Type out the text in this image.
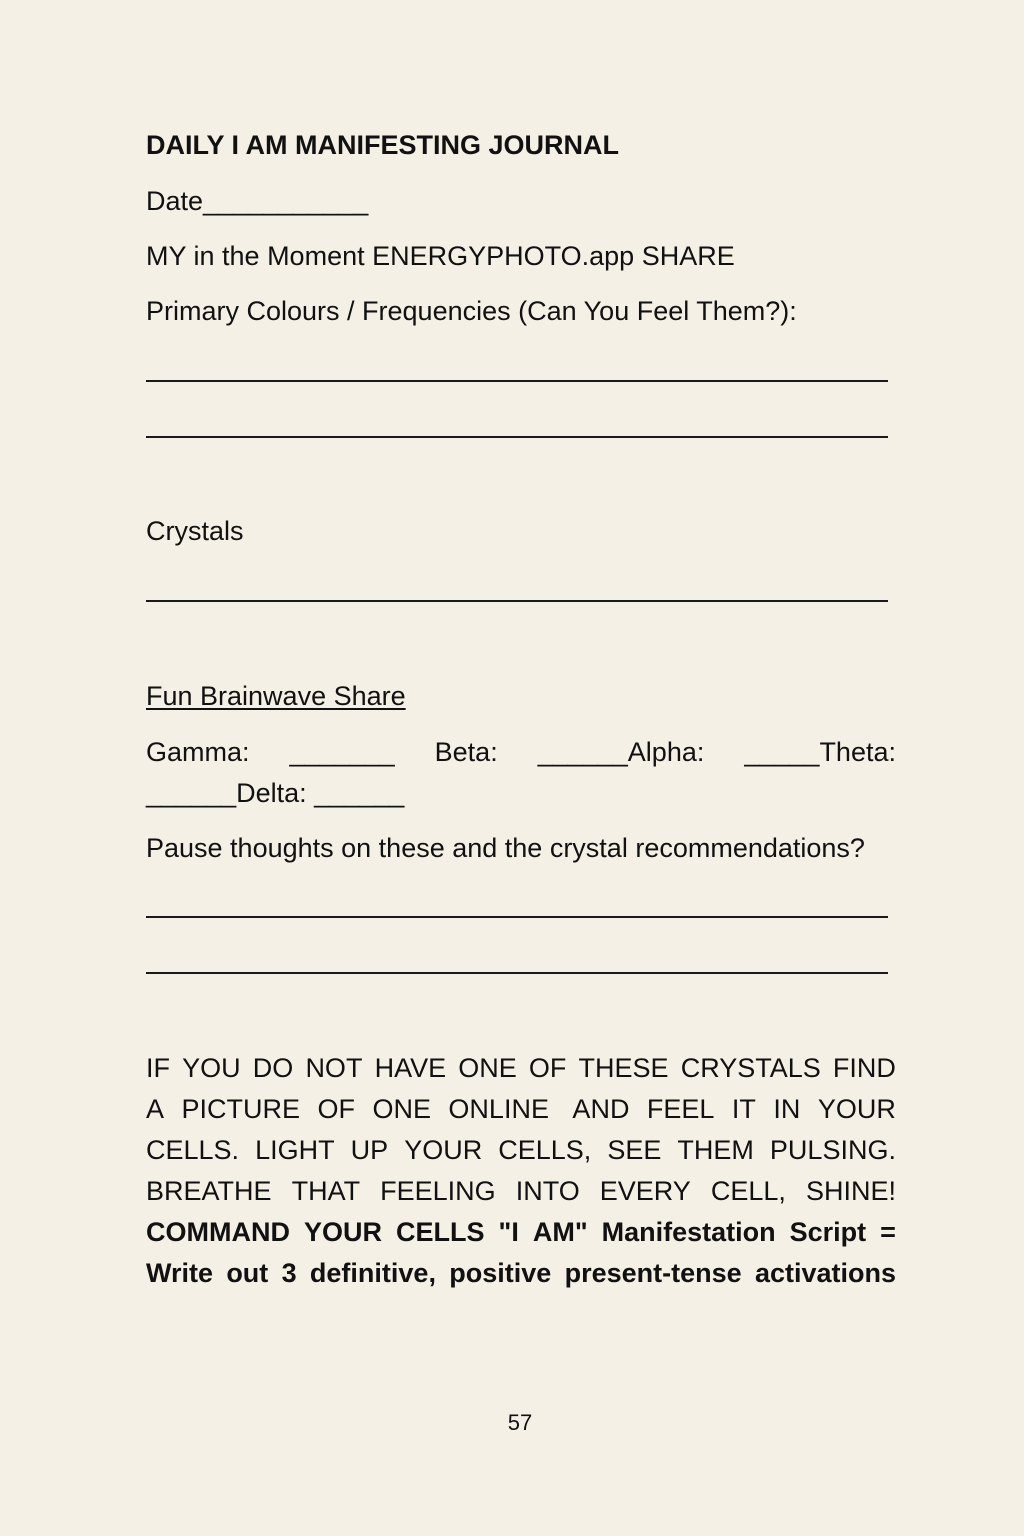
DAILY I AM MANIFESTING JOURNAL
Date___________
MY in the Moment ENERGYPHOTO.app SHARE
Primary Colours / Frequencies (Can You Feel Them?):
Crystals
Fun Brainwave Share
Gamma: _______ Beta: ______Alpha: _____Theta:
______Delta: ______
Pause thoughts on these and the crystal recommendations?
IF YOU DO NOT HAVE ONE OF THESE CRYSTALS FIND
A PICTURE OF ONE ONLINE AND FEEL IT IN YOUR
CELLS. LIGHT UP YOUR CELLS, SEE THEM PULSING.
BREATHE THAT FEELING INTO EVERY CELL, SHINE!
COMMAND YOUR CELLS "I AM" Manifestation Script =
Write out 3 definitive, positive present-tense activations
57
